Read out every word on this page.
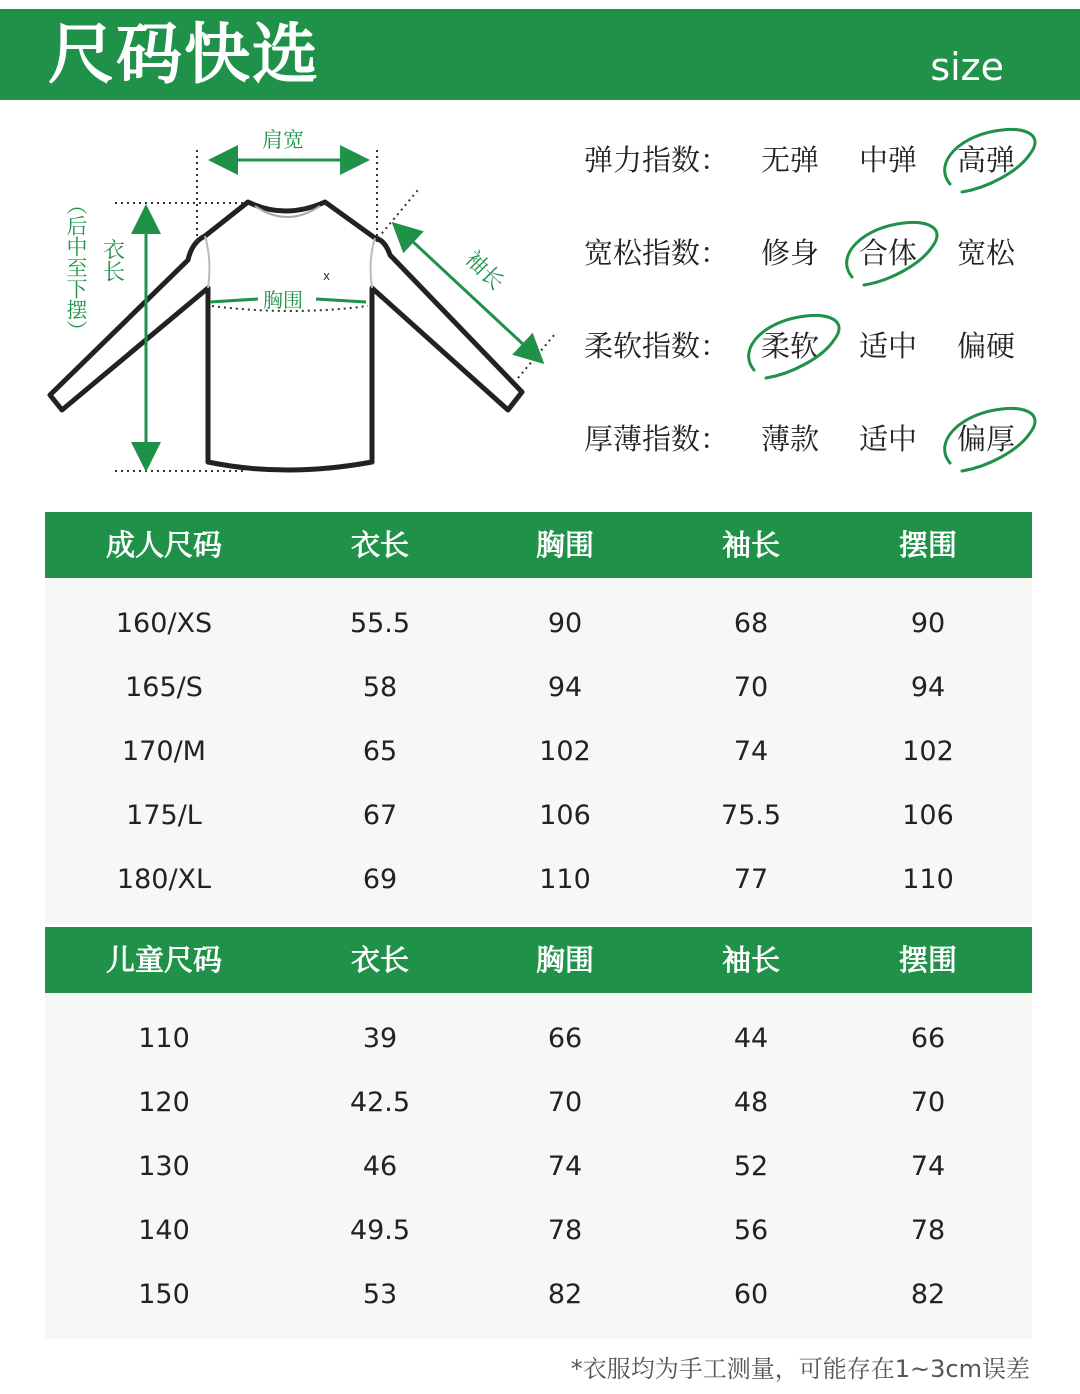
尺码快选	size
x
肩宽
胸围
袖长
衣长
（后中至下摆）
弹力指数：	无弹	中弹	高弹
宽松指数：	修身	合体	宽松
柔软指数：	柔软	适中	偏硬
厚薄指数：	薄款	适中	偏厚
成人尺码	衣长	胸围	袖长	摆围
160/XS	55.5	90	68	90
165/S	58	94	70	94
170/M	65	102	74	102
175/L	67	106	75.5	106
180/XL	69	110	77	110
儿童尺码	衣长	胸围	袖长	摆围
110	39	66	44	66
120	42.5	70	48	70
130	46	74	52	74
140	49.5	78	56	78
150	53	82	60	82
*衣服均为手工测量，可能存在1~3cm误差
